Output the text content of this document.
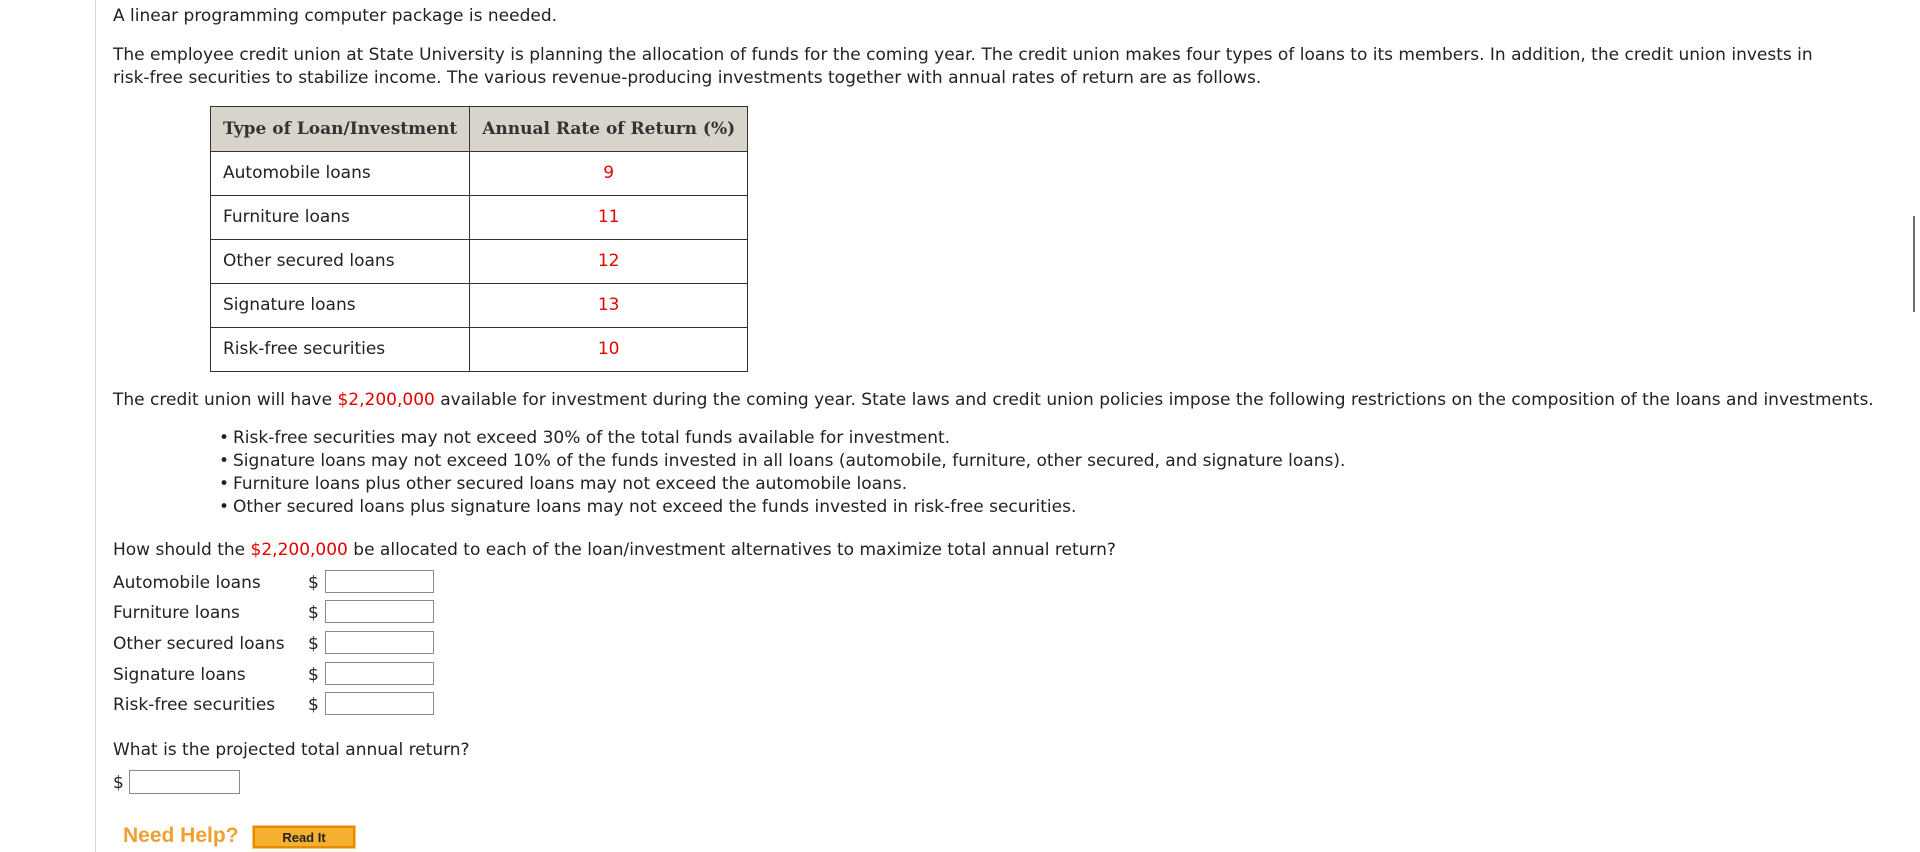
A linear programming computer package is needed.
The employee credit union at State University is planning the allocation of funds for the coming year. The credit union makes four types of loans to its members. In addition, the credit union invests in risk-free securities to stabilize income. The various revenue-producing investments together with annual rates of return are as follows.
Type of Loan/Investment	Annual Rate of Return (%)
Automobile loans	9
Furniture loans	11
Other secured loans	12
Signature loans	13
Risk-free securities	10
The credit union will have $2,200,000 available for investment during the coming year. State laws and credit union policies impose the following restrictions on the composition of the loans and investments.
• Risk-free securities may not exceed 30% of the total funds available for investment.
• Signature loans may not exceed 10% of the funds invested in all loans (automobile, furniture, other secured, and signature loans).
• Furniture loans plus other secured loans may not exceed the automobile loans.
• Other secured loans plus signature loans may not exceed the funds invested in risk-free securities.
How should the $2,200,000 be allocated to each of the loan/investment alternatives to maximize total annual return?
Automobile loans	$
Furniture loans	$
Other secured loans $
Signature loans	$
Risk-free securities $
What is the projected total annual return?
$
Need Help?	Read It
